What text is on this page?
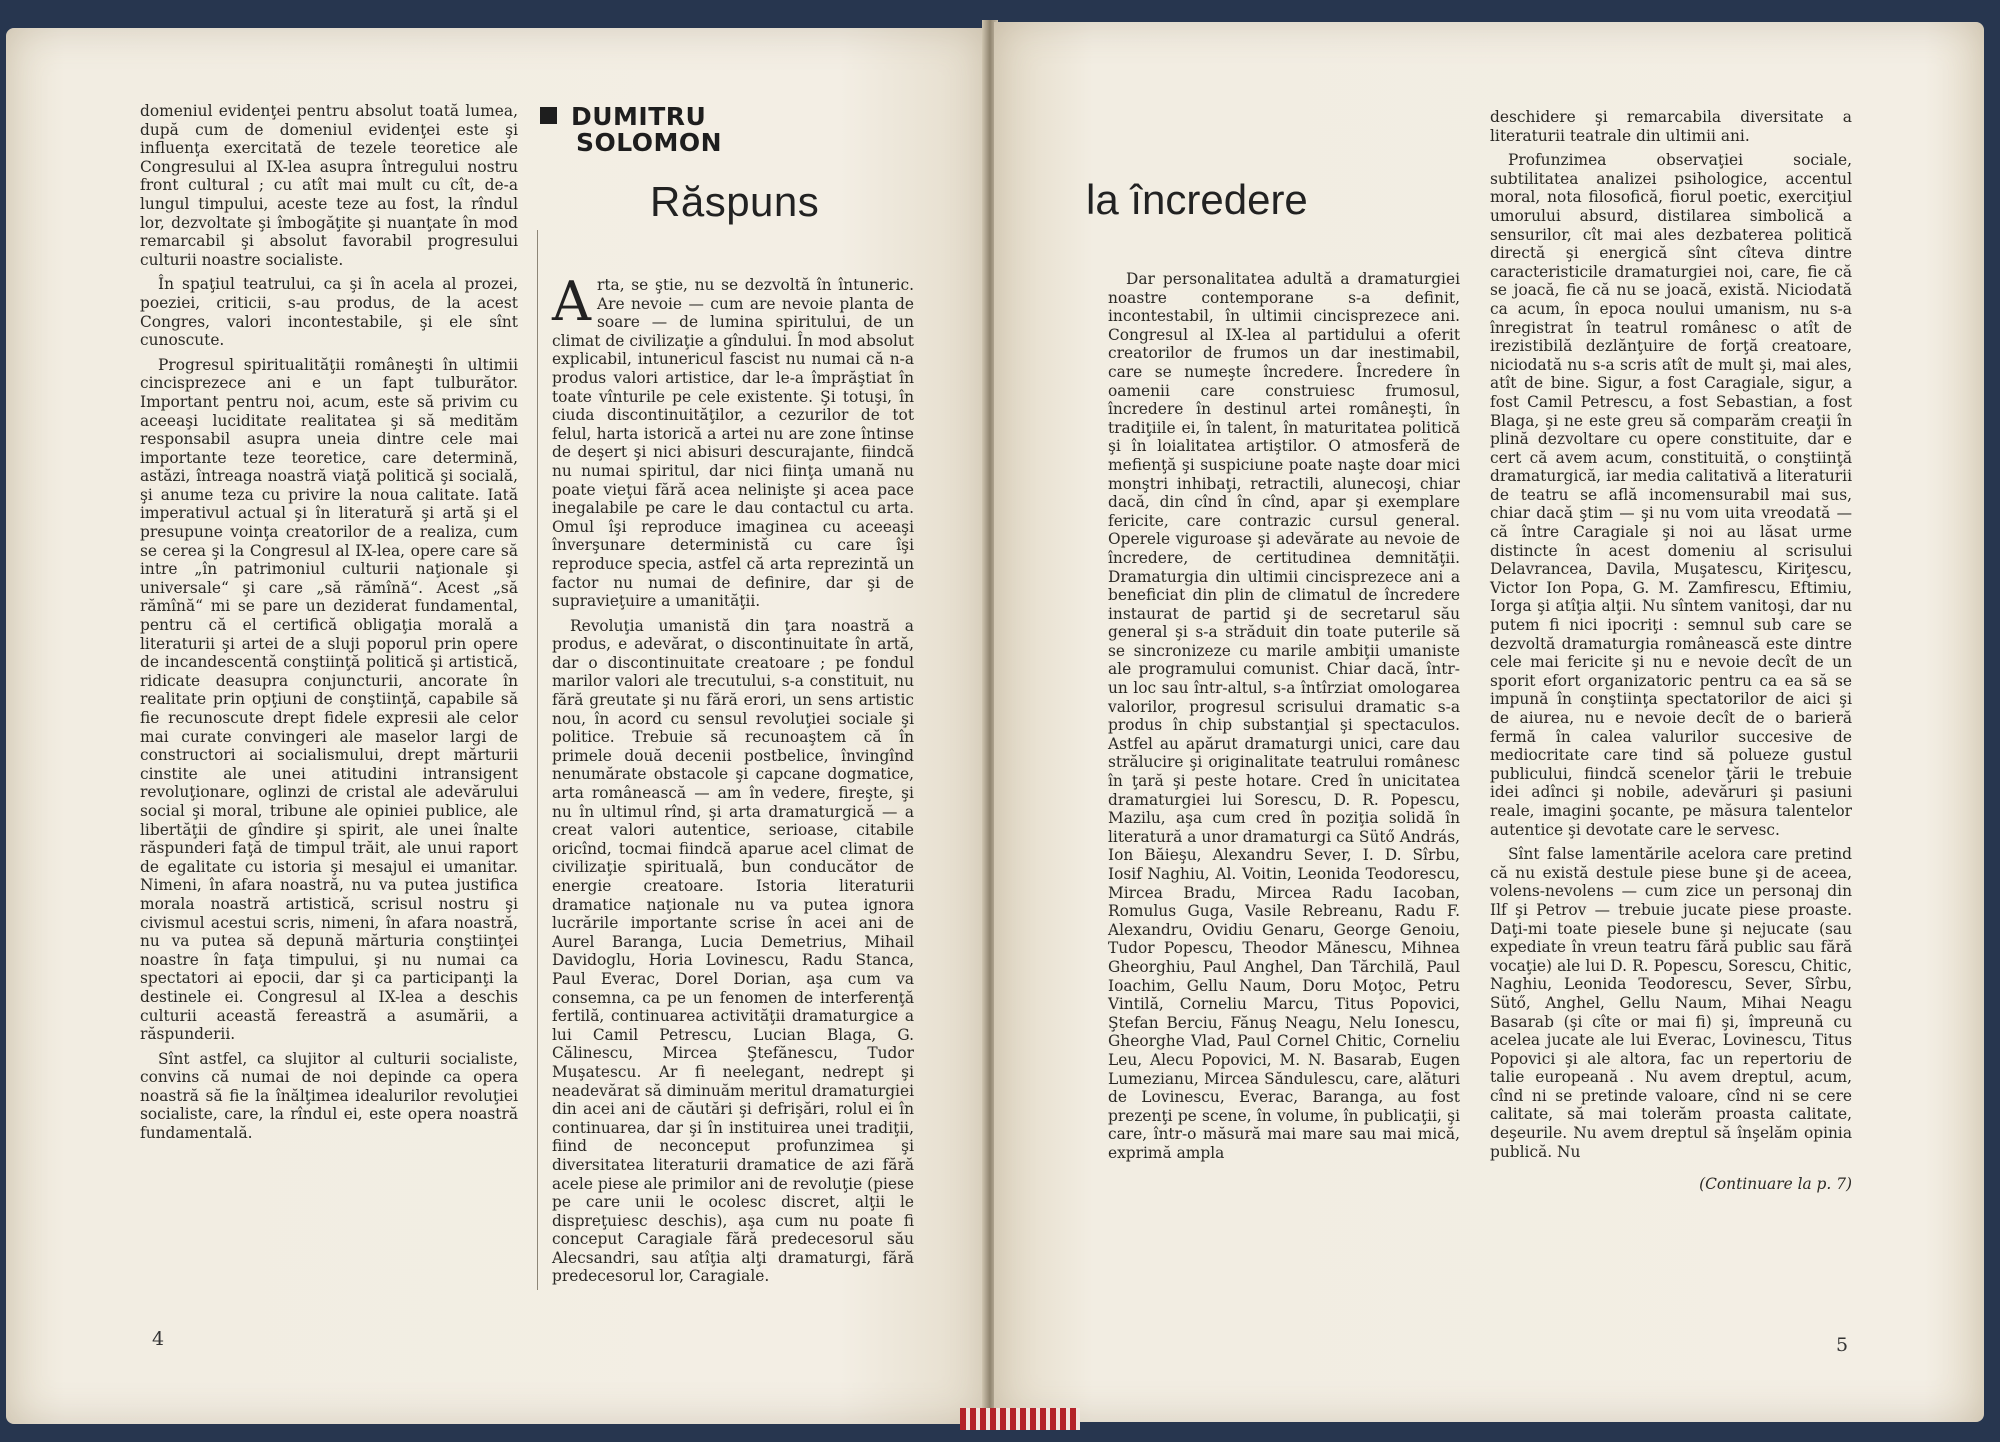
domeniul evidenţei pentru absolut toată lumea, după cum de domeniul evidenţei este şi influenţa exercitată de tezele teoretice ale Congresului al IX-lea asupra întregului nostru front cultural ; cu atît mai mult cu cît, de-a lungul timpului, aceste teze au fost, la rîndul lor, dezvoltate şi îmbogăţite şi nuanţate în mod remarcabil şi absolut favorabil progresului culturii noastre socialiste.

În spaţiul teatrului, ca şi în acela al prozei, poeziei, criticii, s-au produs, de la acest Congres, valori incontestabile, şi ele sînt cunoscute.

Progresul spiritualităţii româneşti în ultimii cincisprezece ani e un fapt tulburător. Important pentru noi, acum, este să privim cu aceeaşi luciditate realitatea şi să medităm responsabil asupra uneia dintre cele mai importante teze teoretice, care determină, astăzi, întreaga noastră viaţă politică şi socială, şi anume teza cu privire la noua calitate. Iată imperativul actual şi în literatură şi artă şi el presupune voinţa creatorilor de a realiza, cum se cerea şi la Congresul al IX-lea, opere care să intre „în patrimoniul culturii naţionale şi universale“ şi care „să rămînă“. Acest „să rămînă“ mi se pare un deziderat fundamental, pentru că el certifică obligaţia morală a literaturii şi artei de a sluji poporul prin opere de incandescentă conştiinţă politică şi artistică, ridicate deasupra conjuncturii, ancorate în realitate prin opţiuni de conştiinţă, capabile să fie recunoscute drept fidele expresii ale celor mai curate convingeri ale maselor largi de constructori ai socialismului, drept mărturii cinstite ale unei atitudini intransigent revoluţionare, oglinzi de cristal ale adevărului social şi moral, tribune ale opiniei publice, ale libertăţii de gîndire şi spirit, ale unei înalte răspunderi faţă de timpul trăit, ale unui raport de egalitate cu istoria şi mesajul ei umanitar. Nimeni, în afara noastră, nu va putea justifica morala noastră artistică, scrisul nostru şi civismul acestui scris, nimeni, în afara noastră, nu va putea să depună mărturia conştiinţei noastre în faţa timpului, şi nu numai ca spectatori ai epocii, dar şi ca participanţi la destinele ei. Congresul al IX-lea a deschis culturii această fereastră a asumării, a răspunderii.

Sînt astfel, ca slujitor al culturii socialiste, convins că numai de noi depinde ca opera noastră să fie la înălţimea idealurilor revoluţiei socialiste, care, la rîndul ei, este opera noastră fundamentală.

DUMITRU
SOLOMON
Răspuns

Arta, se ştie, nu se dezvoltă în întuneric. Are nevoie — cum are nevoie planta de soare — de lumina spiritului, de un climat de civilizaţie a gîndului. În mod absolut explicabil, intunericul fascist nu numai că n-a produs valori artistice, dar le-a împrăştiat în toate vînturile pe cele existente. Şi totuşi, în ciuda discontinuităţilor, a cezurilor de tot felul, harta istorică a artei nu are zone întinse de deşert şi nici abisuri descurajante, fiindcă nu numai spiritul, dar nici fiinţa umană nu poate vieţui fără acea nelinişte şi acea pace inegalabile pe care le dau contactul cu arta. Omul îşi reproduce imaginea cu aceeaşi înverşunare deterministă cu care îşi reproduce specia, astfel că arta reprezintă un factor nu numai de definire, dar şi de supravieţuire a umanităţii.

Revoluţia umanistă din ţara noastră a produs, e adevărat, o discontinuitate în artă, dar o discontinuitate creatoare ; pe fondul marilor valori ale trecutului, s-a constituit, nu fără greutate şi nu fără erori, un sens artistic nou, în acord cu sensul revoluţiei sociale şi politice. Trebuie să recunoaştem că în primele două decenii postbelice, învingînd nenumărate obstacole şi capcane dogmatice, arta românească — am în vedere, fireşte, şi nu în ultimul rînd, şi arta dramaturgică — a creat valori autentice, serioase, citabile oricînd, tocmai fiindcă aparue acel climat de civilizaţie spirituală, bun conducător de energie creatoare. Istoria literaturii dramatice naţionale nu va putea ignora lucrările importante scrise în acei ani de Aurel Baranga, Lucia Demetrius, Mihail Davidoglu, Horia Lovinescu, Radu Stanca, Paul Everac, Dorel Dorian, aşa cum va consemna, ca pe un fenomen de interferenţă fertilă, continuarea activităţii dramaturgice a lui Camil Petrescu, Lucian Blaga, G. Călinescu, Mircea Ştefănescu, Tudor Muşatescu. Ar fi neelegant, nedrept şi neadevărat să diminuăm meritul dramaturgiei din acei ani de căutări şi defrişări, rolul ei în continuarea, dar şi în instituirea unei tradiţii, fiind de neconceput profunzimea şi diversitatea literaturii dramatice de azi fără acele piese ale primilor ani de revoluţie (piese pe care unii le ocolesc discret, alţii le dispreţuiesc deschis), aşa cum nu poate fi conceput Caragiale fără predecesorul său Alecsandri, sau atîţia alţi dramaturgi, fără predecesorul lor, Caragiale.

4
la încredere

Dar personalitatea adultă a dramaturgiei noastre contemporane s-a definit, incontestabil, în ultimii cincisprezece ani. Congresul al IX-lea al partidului a oferit creatorilor de frumos un dar inestimabil, care se numeşte încredere. Încredere în oamenii care construiesc frumosul, încredere în destinul artei româneşti, în tradiţiile ei, în talent, în maturitatea politică şi în loialitatea artiştilor. O atmosferă de mefienţă şi suspiciune poate naşte doar mici monştri inhibaţi, retractili, alunecoşi, chiar dacă, din cînd în cînd, apar şi exemplare fericite, care contrazic cursul general. Operele viguroase şi adevărate au nevoie de încredere, de certitudinea demnităţii. Dramaturgia din ultimii cincisprezece ani a beneficiat din plin de climatul de încredere instaurat de partid şi de secretarul său general şi s-a străduit din toate puterile să se sincronizeze cu marile ambiţii umaniste ale programului comunist. Chiar dacă, într-un loc sau într-altul, s-a întîrziat omologarea valorilor, progresul scrisului dramatic s-a produs în chip substanţial şi spectaculos. Astfel au apărut dramaturgi unici, care dau strălucire şi originalitate teatrului românesc în ţară şi peste hotare. Cred în unicitatea dramaturgiei lui Sorescu, D. R. Popescu, Mazilu, aşa cum cred în poziţia solidă în literatură a unor dramaturgi ca Sütő András, Ion Băieşu, Alexandru Sever, I. D. Sîrbu, Iosif Naghiu, Al. Voitin, Leonida Teodorescu, Mircea Bradu, Mircea Radu Iacoban, Romulus Guga, Vasile Rebreanu, Radu F. Alexandru, Ovidiu Genaru, George Genoiu, Tudor Popescu, Theodor Mănescu, Mihnea Gheorghiu, Paul Anghel, Dan Tărchilă, Paul Ioachim, Gellu Naum, Doru Moţoc, Petru Vintilă, Corneliu Marcu, Titus Popovici, Ştefan Berciu, Fănuş Neagu, Nelu Ionescu, Gheorghe Vlad, Paul Cornel Chitic, Corneliu Leu, Alecu Popovici, M. N. Basarab, Eugen Lumezianu, Mircea Săndulescu, care, alături de Lovinescu, Everac, Baranga, au fost prezenţi pe scene, în volume, în publicaţii, şi care, într-o măsură mai mare sau mai mică, exprimă ampla

deschidere şi remarcabila diversitate a literaturii teatrale din ultimii ani.

Profunzimea observaţiei sociale, subtilitatea analizei psihologice, accentul moral, nota filosofică, fiorul poetic, exerciţiul umorului absurd, distilarea simbolică a sensurilor, cît mai ales dezbaterea politică directă şi energică sînt cîteva dintre caracteristicile dramaturgiei noi, care, fie că se joacă, fie că nu se joacă, există. Niciodată ca acum, în epoca noului umanism, nu s-a înregistrat în teatrul românesc o atît de irezistibilă dezlănţuire de forţă creatoare, niciodată nu s-a scris atît de mult şi, mai ales, atît de bine. Sigur, a fost Caragiale, sigur, a fost Camil Petrescu, a fost Sebastian, a fost Blaga, şi ne este greu să comparăm creaţii în plină dezvoltare cu opere constituite, dar e cert că avem acum, constituită, o conştiinţă dramaturgică, iar media calitativă a literaturii de teatru se află incomensurabil mai sus, chiar dacă ştim — şi nu vom uita vreodată — că între Caragiale şi noi au lăsat urme distincte în acest domeniu al scrisului Delavrancea, Davila, Muşatescu, Kiriţescu, Victor Ion Popa, G. M. Zamfirescu, Eftimiu, Iorga şi atîţia alţii. Nu sîntem vanitoşi, dar nu putem fi nici ipocriţi : semnul sub care se dezvoltă dramaturgia românească este dintre cele mai fericite şi nu e nevoie decît de un sporit efort organizatoric pentru ca ea să se impună în conştiinţa spectatorilor de aici şi de aiurea, nu e nevoie decît de o barieră fermă în calea valurilor succesive de mediocritate care tind să polueze gustul publicului, fiindcă scenelor ţării le trebuie idei adînci şi nobile, adevăruri şi pasiuni reale, imagini şocante, pe măsura talentelor autentice şi devotate care le servesc.

Sînt false lamentările acelora care pretind că nu există destule piese bune şi de aceea, volens-nevolens — cum zice un personaj din Ilf şi Petrov — trebuie jucate piese proaste. Daţi-mi toate piesele bune şi nejucate (sau expediate în vreun teatru fără public sau fără vocaţie) ale lui D. R. Popescu, Sorescu, Chitic, Naghiu, Leonida Teodorescu, Sever, Sîrbu, Sütő, Anghel, Gellu Naum, Mihai Neagu Basarab (şi cîte or mai fi) şi, împreună cu acelea jucate ale lui Everac, Lovinescu, Titus Popovici şi ale altora, fac un repertoriu de talie europeană . Nu avem dreptul, acum, cînd ni se pretinde valoare, cînd ni se cere calitate, să mai tolerăm proasta calitate, deşeurile. Nu avem dreptul să înşelăm opinia publică. Nu

(Continuare la p. 7)
5
